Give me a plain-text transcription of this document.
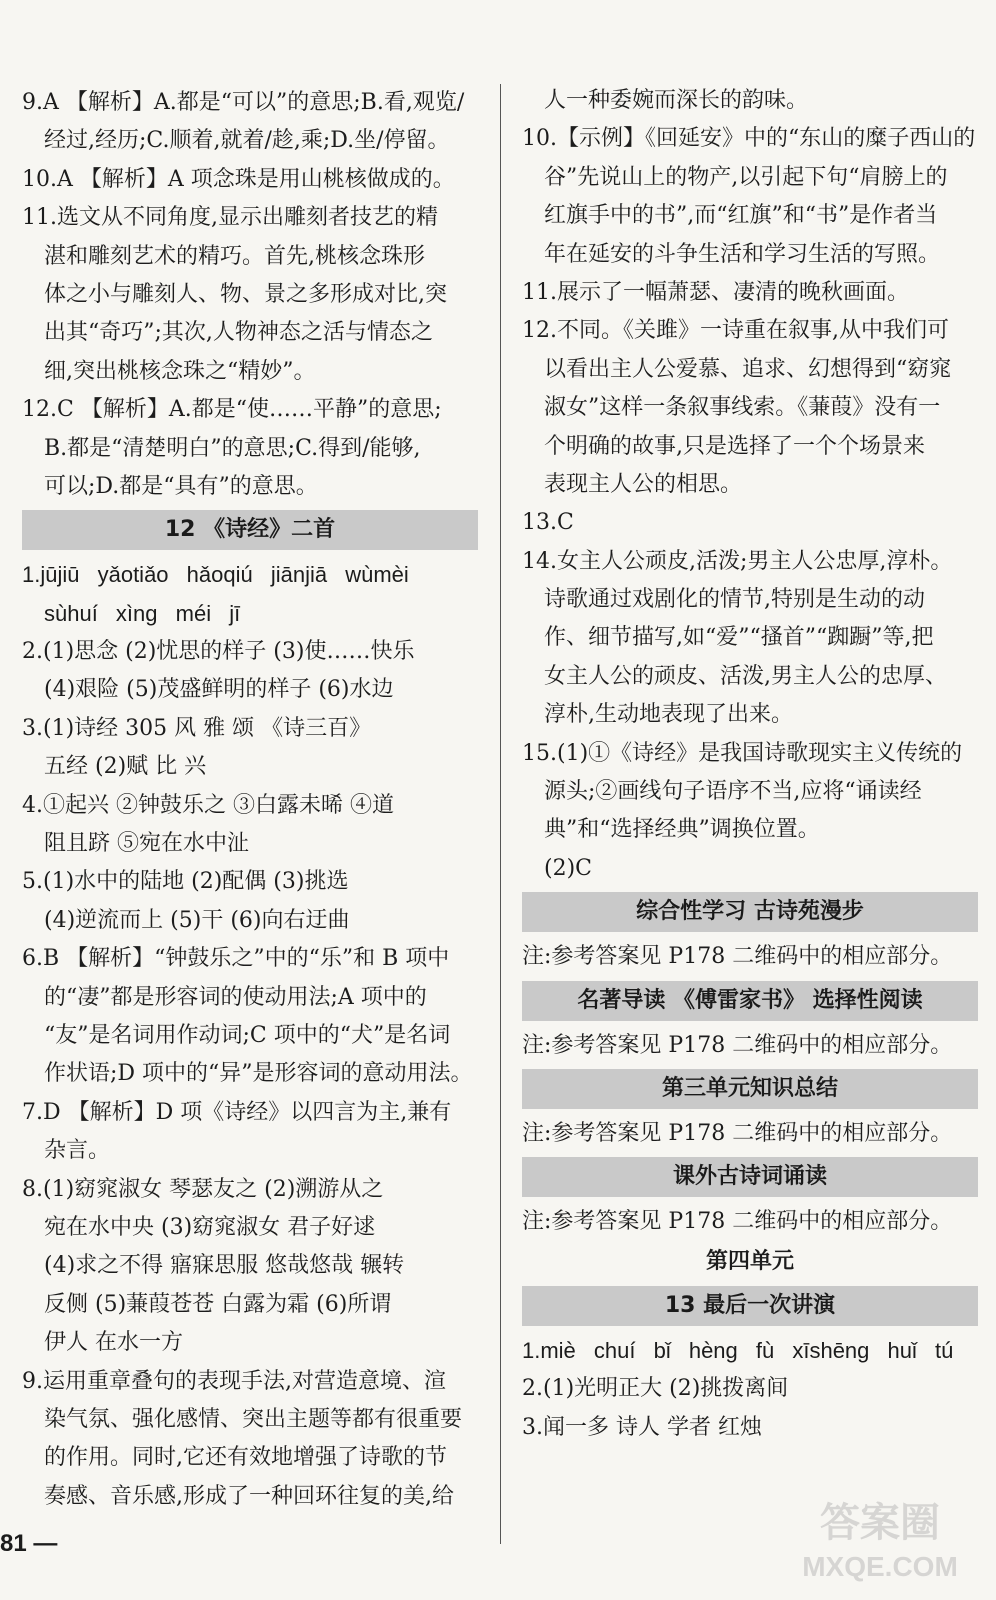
9.A 【解析】A.都是“可以”的意思;B.看,观览/

经过,经历;C.顺着,就着/趁,乘;D.坐/停留。

10.A 【解析】A 项念珠是用山桃核做成的。

11.选文从不同角度,显示出雕刻者技艺的精

湛和雕刻艺术的精巧。首先,桃核念珠形

体之小与雕刻人、物、景之多形成对比,突

出其“奇巧”;其次,人物神态之活与情态之

细,突出桃核念珠之“精妙”。

12.C 【解析】A.都是“使……平静”的意思;

B.都是“清楚明白”的意思;C.得到/能够,

可以;D.都是“具有”的意思。

12 《诗经》二首

1.jūjiū yǎotiǎo hǎoqiú jiānjiā wùmèi

sùhuí xìng méi jī

2.(1)思念 (2)忧思的样子 (3)使……快乐

(4)艰险 (5)茂盛鲜明的样子 (6)水边

3.(1)诗经 305 风 雅 颂 《诗三百》

五经 (2)赋 比 兴

4.①起兴 ②钟鼓乐之 ③白露未晞 ④道

阻且跻 ⑤宛在水中沚

5.(1)水中的陆地 (2)配偶 (3)挑选

(4)逆流而上 (5)干 (6)向右迂曲

6.B 【解析】“钟鼓乐之”中的“乐”和 B 项中

的“凄”都是形容词的使动用法;A 项中的

“友”是名词用作动词;C 项中的“犬”是名词

作状语;D 项中的“异”是形容词的意动用法。

7.D 【解析】D 项《诗经》以四言为主,兼有

杂言。

8.(1)窈窕淑女 琴瑟友之 (2)溯游从之

宛在水中央 (3)窈窕淑女 君子好逑

(4)求之不得 寤寐思服 悠哉悠哉 辗转

反侧 (5)蒹葭苍苍 白露为霜 (6)所谓

伊人 在水一方

9.运用重章叠句的表现手法,对营造意境、渲

染气氛、强化感情、突出主题等都有很重要

的作用。同时,它还有效地增强了诗歌的节

奏感、音乐感,形成了一种回环往复的美,给

人一种委婉而深长的韵味。

10.【示例】《回延安》中的“东山的糜子西山的

谷”先说山上的物产,以引起下句“肩膀上的

红旗手中的书”,而“红旗”和“书”是作者当

年在延安的斗争生活和学习生活的写照。

11.展示了一幅萧瑟、凄清的晚秋画面。

12.不同。《关雎》一诗重在叙事,从中我们可

以看出主人公爱慕、追求、幻想得到“窈窕

淑女”这样一条叙事线索。《蒹葭》没有一

个明确的故事,只是选择了一个个场景来

表现主人公的相思。

13.C

14.女主人公顽皮,活泼;男主人公忠厚,淳朴。

诗歌通过戏剧化的情节,特别是生动的动

作、细节描写,如“爱”“搔首”“踟蹰”等,把

女主人公的顽皮、活泼,男主人公的忠厚、

淳朴,生动地表现了出来。

15.(1)①《诗经》是我国诗歌现实主义传统的

源头;②画线句子语序不当,应将“诵读经

典”和“选择经典”调换位置。

(2)C

综合性学习 古诗苑漫步

注:参考答案见 P178 二维码中的相应部分。

名著导读 《傅雷家书》 选择性阅读

注:参考答案见 P178 二维码中的相应部分。

第三单元知识总结

注:参考答案见 P178 二维码中的相应部分。

课外古诗词诵读

注:参考答案见 P178 二维码中的相应部分。

第四单元
13 最后一次讲演

1.miè chuí bǐ hèng fù xīshēng huǐ tú

2.(1)光明正大 (2)挑拨离间

3.闻一多 诗人 学者 红烛

81 —	答案圈
MXQE.COM
